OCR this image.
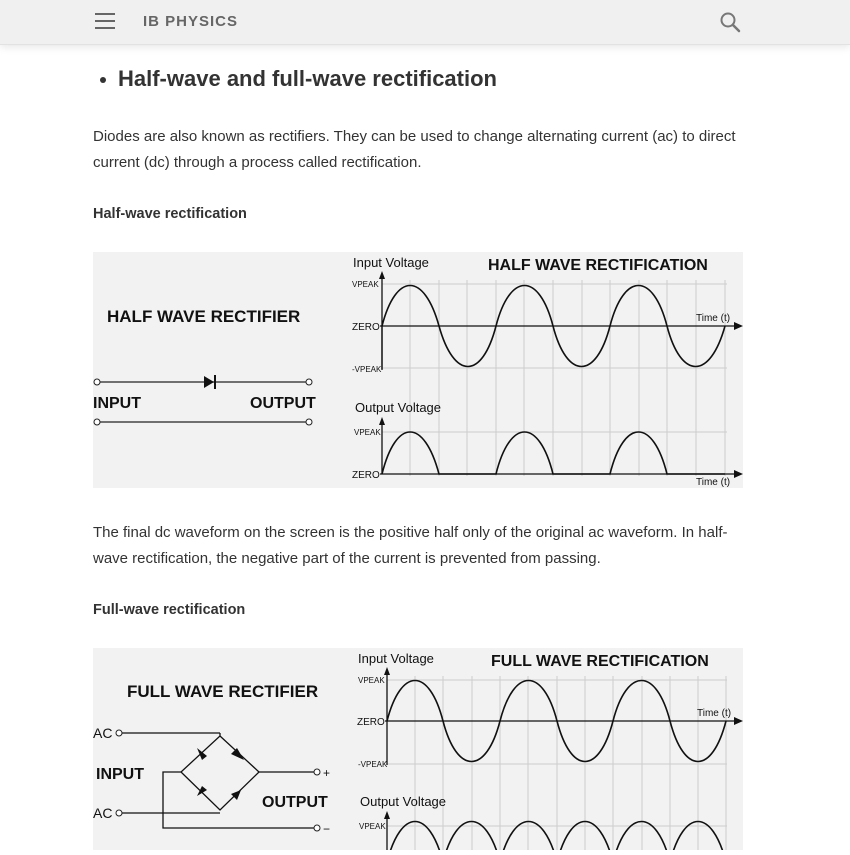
IB PHYSICS
Half-wave and full-wave rectification

Diodes are also known as rectifiers. They can be used to change alternating current (ac) to direct current (dc) through a process called rectification.

Half-wave rectification
HALF WAVE RECTIFIER
INPUT	OUTPUT
Input Voltage	HALF WAVE RECTIFICATION
VPEAK
ZERO
-VPEAK
Time (t)
Output Voltage
VPEAK
ZERO
Time (t)

The final dc waveform on the screen is the positive half only of the original ac waveform. In half-wave rectification, the negative part of the current is prevented from passing.

Full-wave rectification
FULL WAVE RECTIFIER
AC
AC
INPUT
OUTPUT
+
−
Input Voltage	FULL WAVE RECTIFICATION
VPEAK
ZERO
-VPEAK
Time (t)
Output Voltage
VPEAK
